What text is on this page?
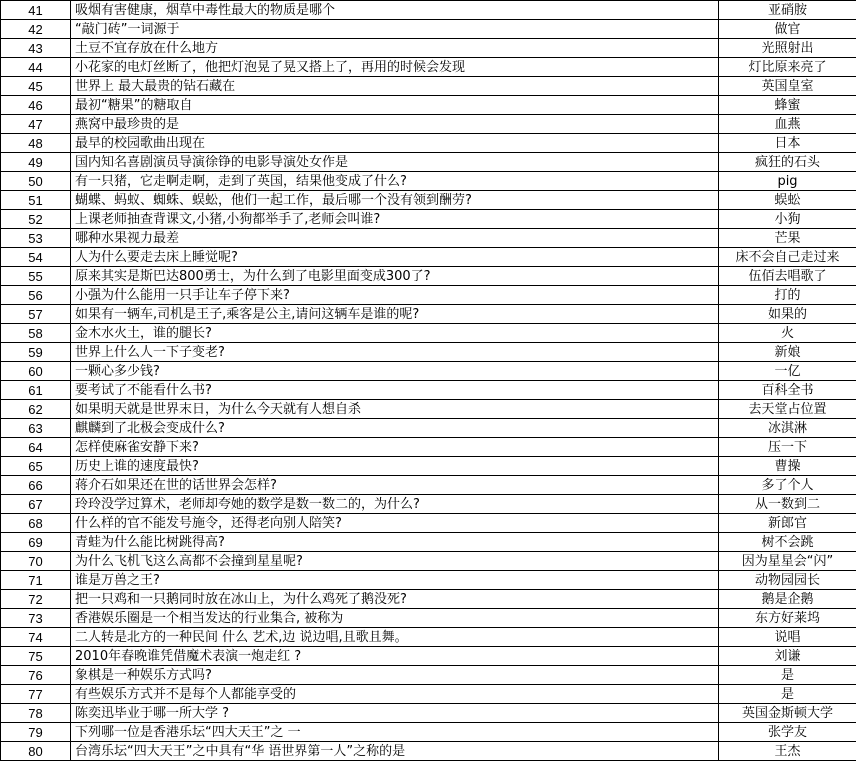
41	吸烟有害健康，烟草中毒性最大的物质是哪个	亚硝胺
42	“敲门砖”一词源于	做官
43	土豆不宜存放在什么地方	光照射出
44	小花家的电灯丝断了，他把灯泡晃了晃又搭上了，再用的时候会发现	灯比原来亮了
45	世界上 最大最贵的钻石藏在	英国皇室
46	最初“糖果”的糖取自	蜂蜜
47	燕窝中最珍贵的是	血燕
48	最早的校园歌曲出现在	日本
49	国内知名喜剧演员导演徐铮的电影导演处女作是	疯狂的石头
50	有一只猪，它走啊走啊，走到了英国，结果他变成了什么?	pig
51	蝴蝶、蚂蚁、蜘蛛、蜈蚣，他们一起工作，最后哪一个没有领到酬劳?	蜈蚣
52	上课老师抽查背课文,小猪,小狗都举手了,老师会叫谁?	小狗
53	哪种水果视力最差	芒果
54	人为什么要走去床上睡觉呢?	床不会自己走过来
55	原来其实是斯巴达800勇士，为什么到了电影里面变成300了?	伍佰去唱歌了
56	小强为什么能用一只手让车子停下来?	打的
57	如果有一辆车,司机是王子,乘客是公主,请问这辆车是谁的呢?	如果的
58	金木水火土，谁的腿长?	火
59	世界上什么人一下子变老?	新娘
60	一颗心多少钱?	一亿
61	要考试了不能看什么书?	百科全书
62	如果明天就是世界末日，为什么今天就有人想自杀	去天堂占位置
63	麒麟到了北极会变成什么?	冰淇淋
64	怎样使麻雀安静下来?	压一下
65	历史上谁的速度最快?	曹操
66	蒋介石如果还在世的话世界会怎样?	多了个人
67	玲玲没学过算术，老师却夸她的数学是数一数二的，为什么?	从一数到二
68	什么样的官不能发号施令，还得老向别人陪笑?	新郎官
69	青蛙为什么能比树跳得高?	树不会跳
70	为什么飞机飞这么高都不会撞到星星呢?	因为星星会“闪”
71	谁是万兽之王?	动物园园长
72	把一只鸡和一只鹅同时放在冰山上，为什么鸡死了鹅没死?	鹅是企鹅
73	香港娱乐圈是一个相当发达的行业集合, 被称为	东方好莱坞
74	二人转是北方的一种民间 什么 艺术,边 说边唱,且歌且舞。	说唱
75	2010年春晚谁凭借魔术表演一炮走红 ?	刘谦
76	象棋是一种娱乐方式吗?	是
77	有些娱乐方式并不是每个人都能享受的	是
78	陈奕迅毕业于哪一所大学 ?	英国金斯顿大学
79	下列哪一位是香港乐坛“四大天王”之 一	张学友
80	台湾乐坛“四大天王”之中具有“华 语世界第一人”之称的是	王杰
